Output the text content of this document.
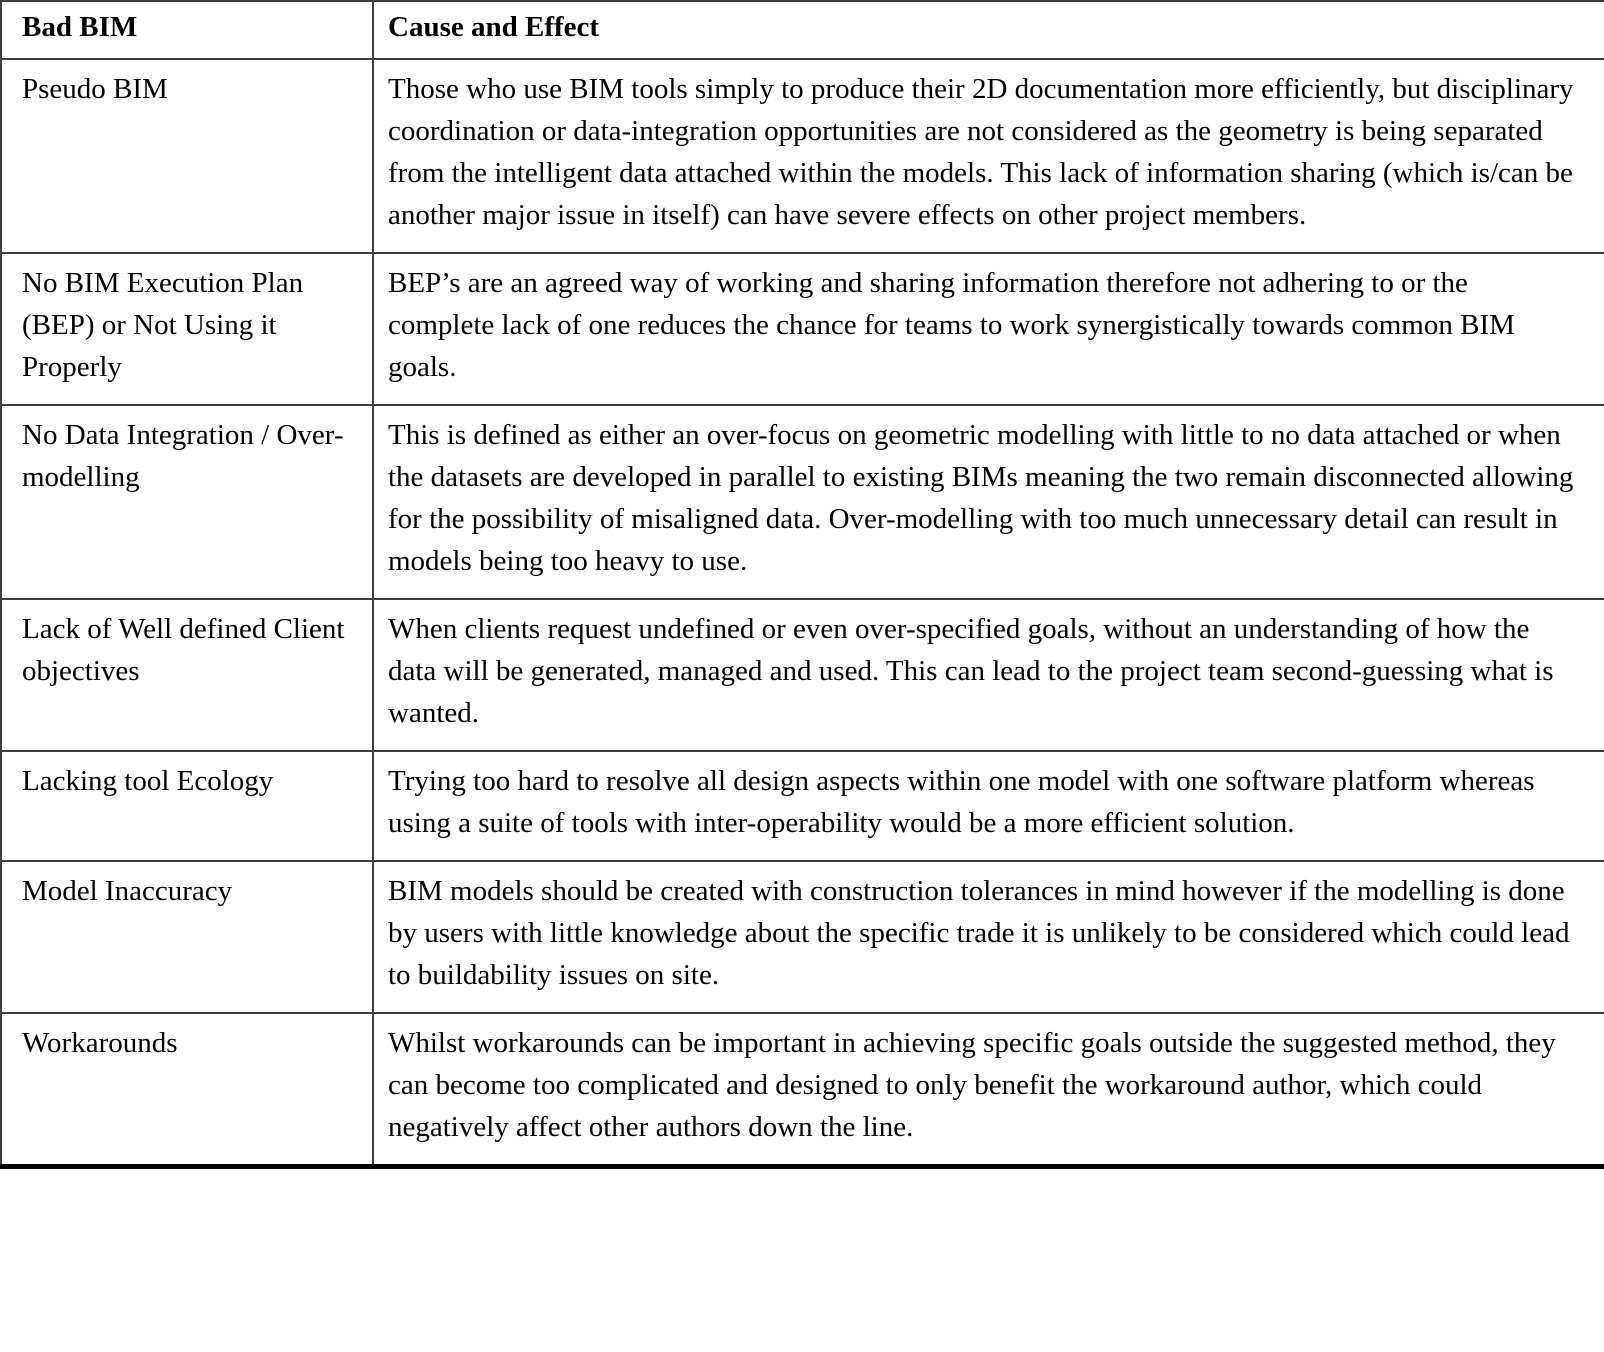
Bad BIM	Cause and Effect
Pseudo BIM	Those who use BIM tools simply to produce their 2D documentation more efficiently, but disciplinary coordination or data-integration opportunities are not considered as the geometry is being separated from the intelligent data attached within the models. This lack of information sharing (which is/can be another major issue in itself) can have severe effects on other project members.
No BIM Execution Plan (BEP) or Not Using it Properly	BEP’s are an agreed way of working and sharing information therefore not adhering to or the complete lack of one reduces the chance for teams to work synergistically towards common BIM goals.
No Data Integration / Over-modelling	This is defined as either an over-focus on geometric modelling with little to no data attached or when the datasets are developed in parallel to existing BIMs meaning the two remain disconnected allowing for the possibility of misaligned data. Over-modelling with too much unnecessary detail can result in models being too heavy to use.
Lack of Well defined Client objectives	When clients request undefined or even over-specified goals, without an understanding of how the data will be generated, managed and used. This can lead to the project team second-guessing what is wanted.
Lacking tool Ecology	Trying too hard to resolve all design aspects within one model with one software platform whereas using a suite of tools with inter-operability would be a more efficient solution.
Model Inaccuracy	BIM models should be created with construction tolerances in mind however if the modelling is done by users with little knowledge about the specific trade it is unlikely to be considered which could lead to buildability issues on site.
Workarounds	Whilst workarounds can be important in achieving specific goals outside the suggested method, they can become too complicated and designed to only benefit the workaround author, which could negatively affect other authors down the line.
